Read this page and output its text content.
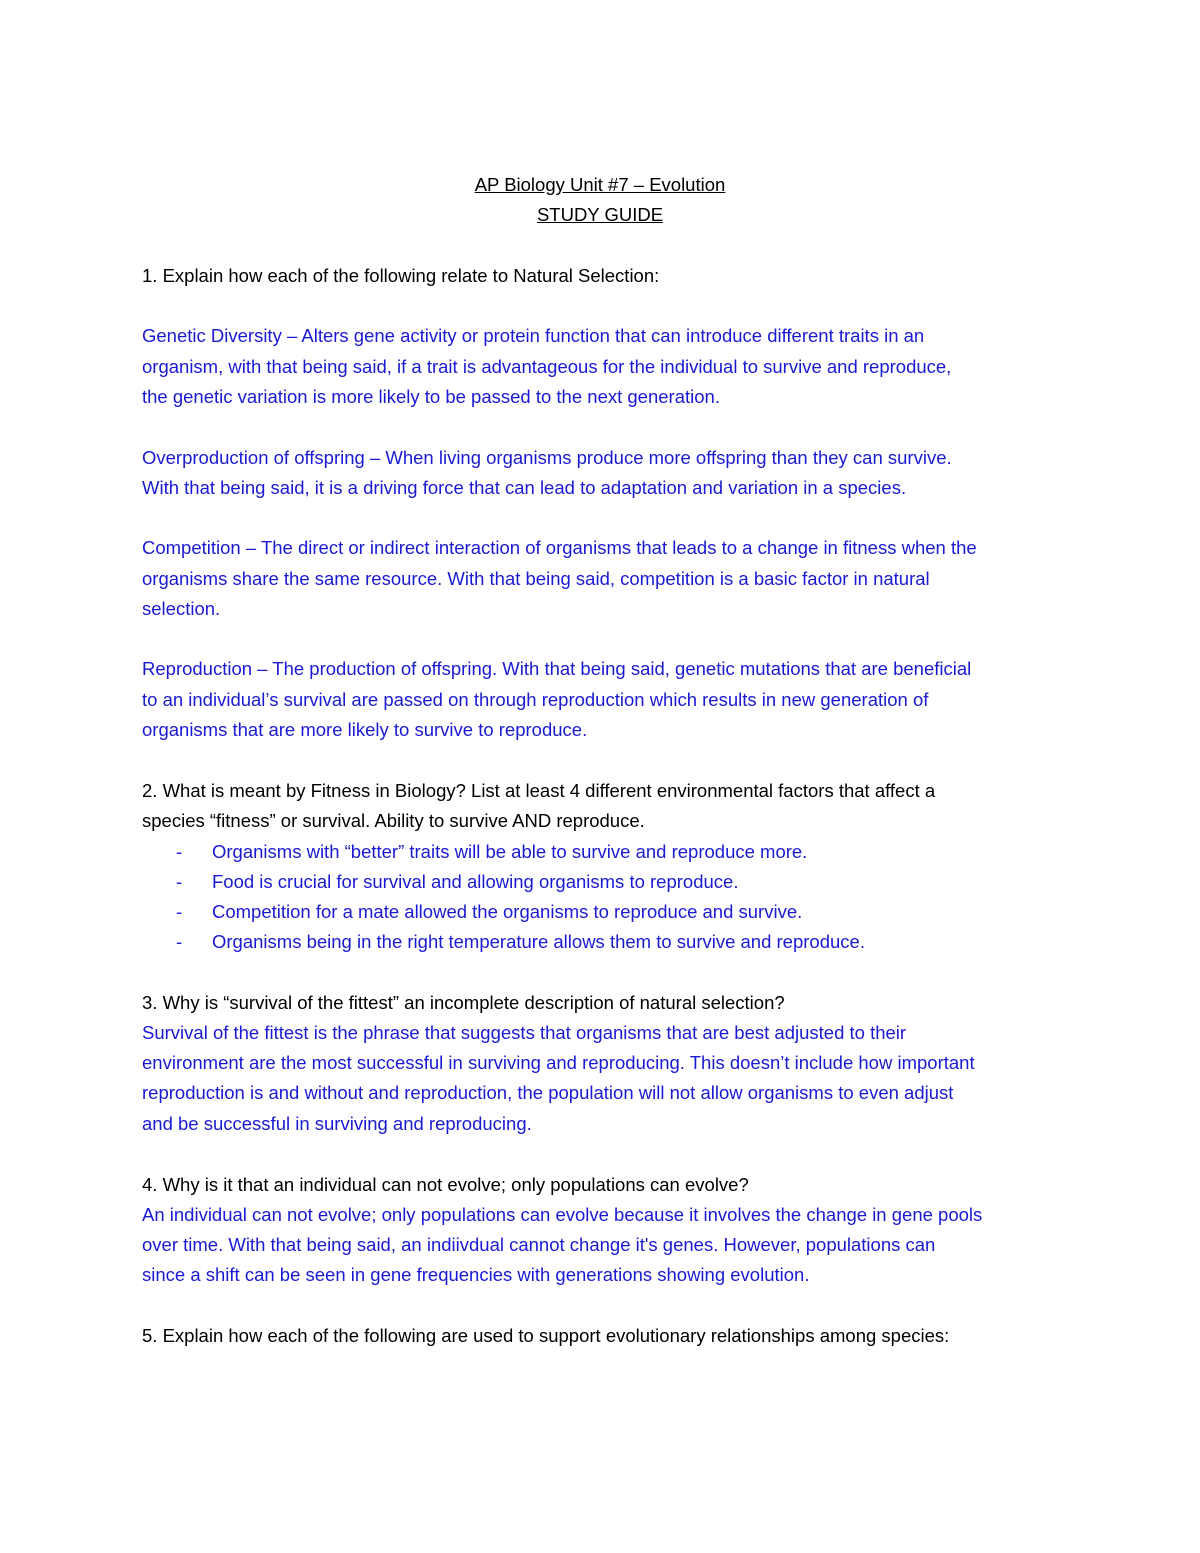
AP Biology Unit #7 – Evolution
STUDY GUIDE
1. Explain how each of the following relate to Natural Selection:
Genetic Diversity – Alters gene activity or protein function that can introduce different traits in an
organism, with that being said, if a trait is advantageous for the individual to survive and reproduce,
the genetic variation is more likely to be passed to the next generation.
Overproduction of offspring – When living organisms produce more offspring than they can survive.
With that being said, it is a driving force that can lead to adaptation and variation in a species.
Competition – The direct or indirect interaction of organisms that leads to a change in fitness when the
organisms share the same resource. With that being said, competition is a basic factor in natural
selection.
Reproduction – The production of offspring. With that being said, genetic mutations that are beneficial
to an individual’s survival are passed on through reproduction which results in new generation of
organisms that are more likely to survive to reproduce.
2. What is meant by Fitness in Biology? List at least 4 different environmental factors that affect a
species “fitness” or survival. Ability to survive AND reproduce.
- Organisms with “better” traits will be able to survive and reproduce more.
- Food is crucial for survival and allowing organisms to reproduce.
- Competition for a mate allowed the organisms to reproduce and survive.
- Organisms being in the right temperature allows them to survive and reproduce.
3. Why is “survival of the fittest” an incomplete description of natural selection?
Survival of the fittest is the phrase that suggests that organisms that are best adjusted to their
environment are the most successful in surviving and reproducing. This doesn’t include how important
reproduction is and without and reproduction, the population will not allow organisms to even adjust
and be successful in surviving and reproducing.
4. Why is it that an individual can not evolve; only populations can evolve?
An individual can not evolve; only populations can evolve because it involves the change in gene pools
over time. With that being said, an indiivdual cannot change it's genes. However, populations can
since a shift can be seen in gene frequencies with generations showing evolution.
5. Explain how each of the following are used to support evolutionary relationships among species:
